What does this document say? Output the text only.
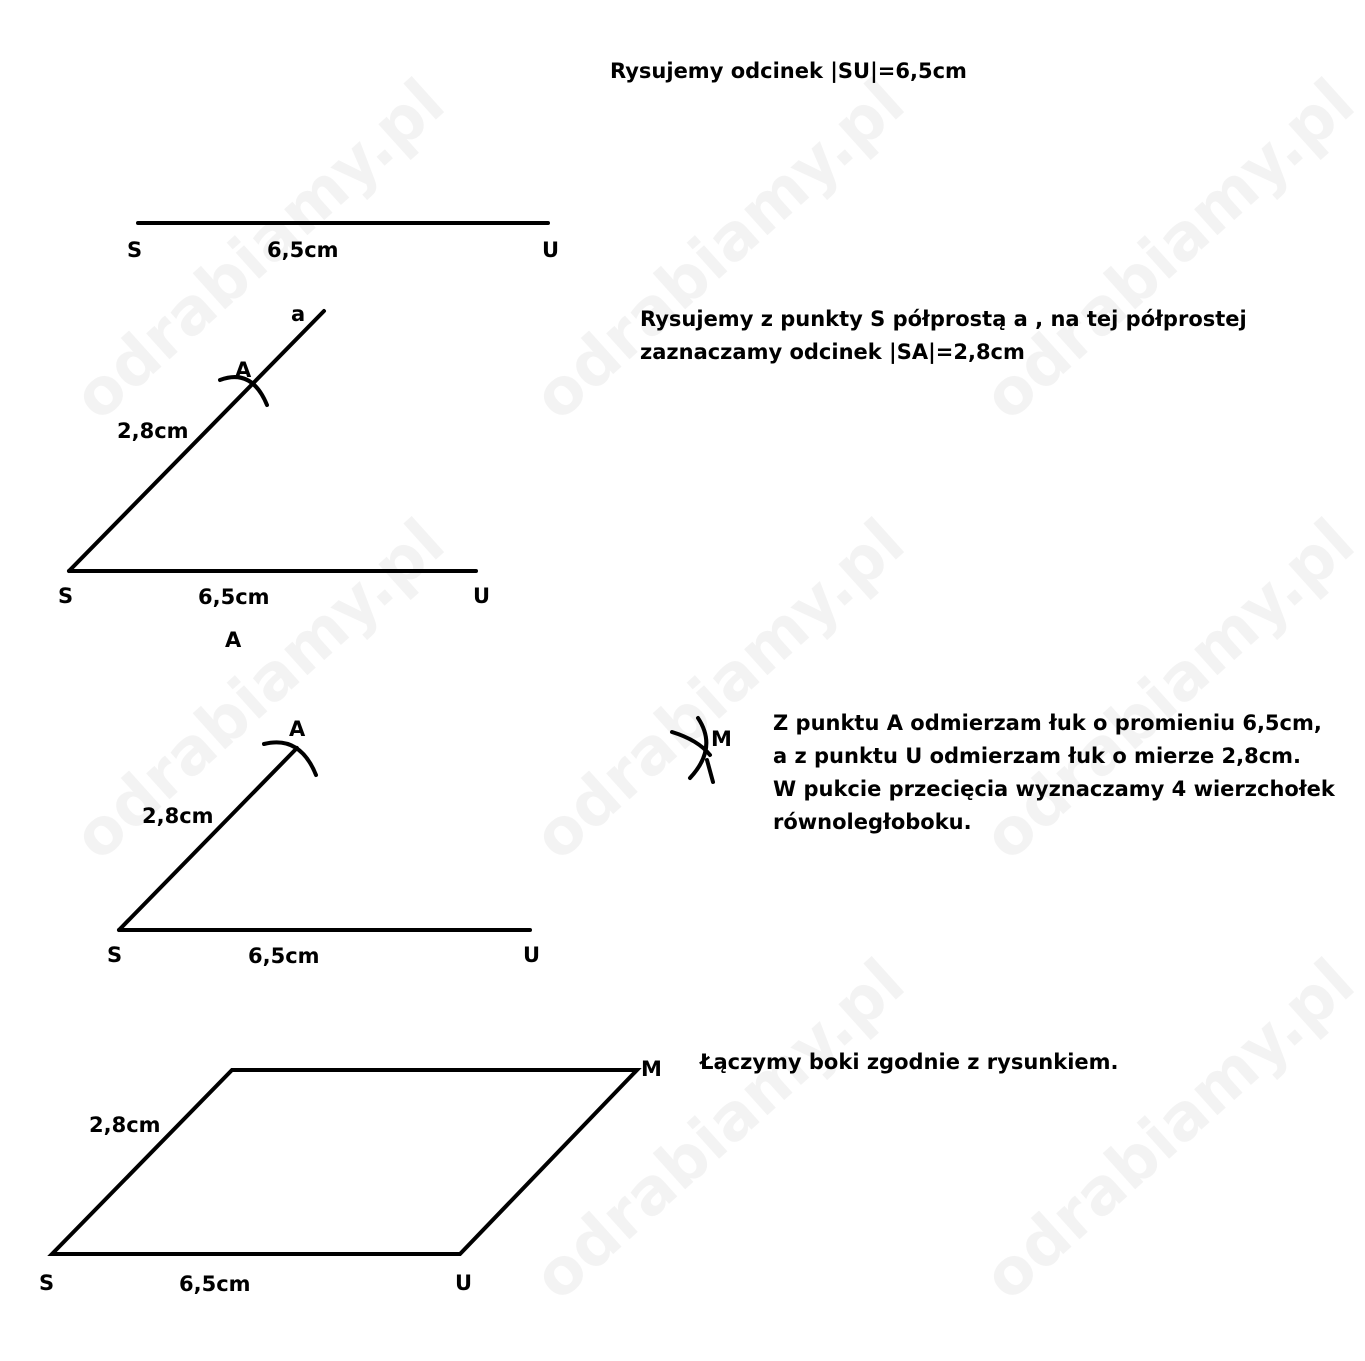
Rysujemy odcinek |SU|=6,5cm
S	6,5cm	U
a
A
2,8cm
S	6,5cm	U
A
Rysujemy z punkty S półprostą a , na tej półprostej
zaznaczamy odcinek |SA|=2,8cm
A
2,8cm
S	6,5cm	U
M
Z punktu A odmierzam łuk o promieniu 6,5cm,
a z punktu U odmierzam łuk o mierze 2,8cm.
W pukcie przecięcia wyznaczamy 4 wierzchołek
równoległoboku.
2,8cm
M
S	6,5cm	U
Łączymy boki zgodnie z rysunkiem.
